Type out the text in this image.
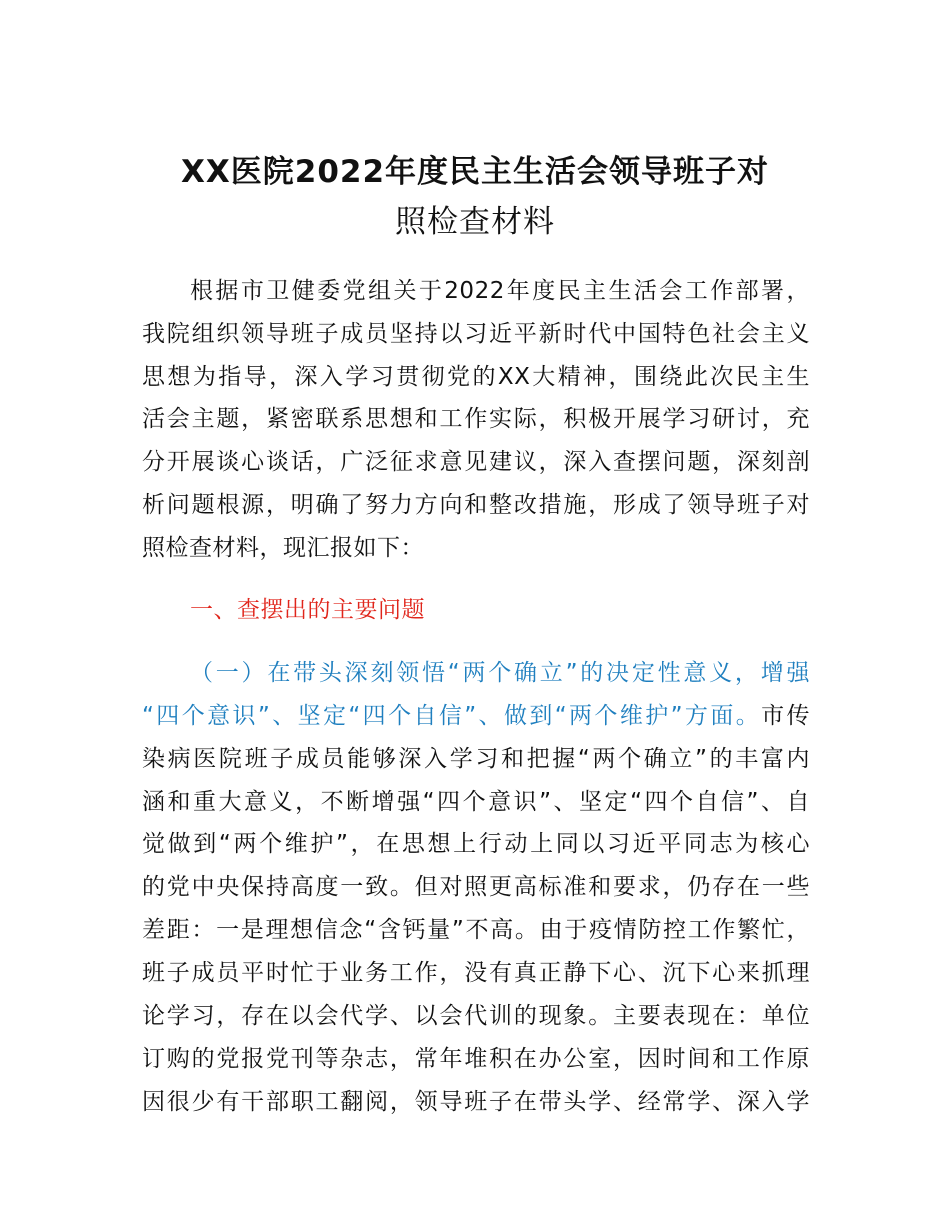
XX医院2022年度民主生活会领导班子对
照检查材料
根据市卫健委党组关于2022年度民主生活会工作部署，
我院组织领导班子成员坚持以习近平新时代中国特色社会主义
思想为指导，深入学习贯彻党的XX大精神，围绕此次民主生
活会主题，紧密联系思想和工作实际，积极开展学习研讨，充
分开展谈心谈话，广泛征求意见建议，深入查摆问题，深刻剖
析问题根源，明确了努力方向和整改措施，形成了领导班子对
照检查材料，现汇报如下：
一、查摆出的主要问题
（一）在带头深刻领悟“两个确立”的决定性意义，增强
“四个意识”、坚定“四个自信”、做到“两个维护”方面。市传
染病医院班子成员能够深入学习和把握“两个确立”的丰富内
涵和重大意义，不断增强“四个意识”、坚定“四个自信”、自
觉做到“两个维护”，在思想上行动上同以习近平同志为核心
的党中央保持高度一致。但对照更高标准和要求，仍存在一些
差距：一是理想信念“含钙量”不高。由于疫情防控工作繁忙，
班子成员平时忙于业务工作，没有真正静下心、沉下心来抓理
论学习，存在以会代学、以会代训的现象。主要表现在：单位
订购的党报党刊等杂志，常年堆积在办公室，因时间和工作原
因很少有干部职工翻阅，领导班子在带头学、经常学、深入学
